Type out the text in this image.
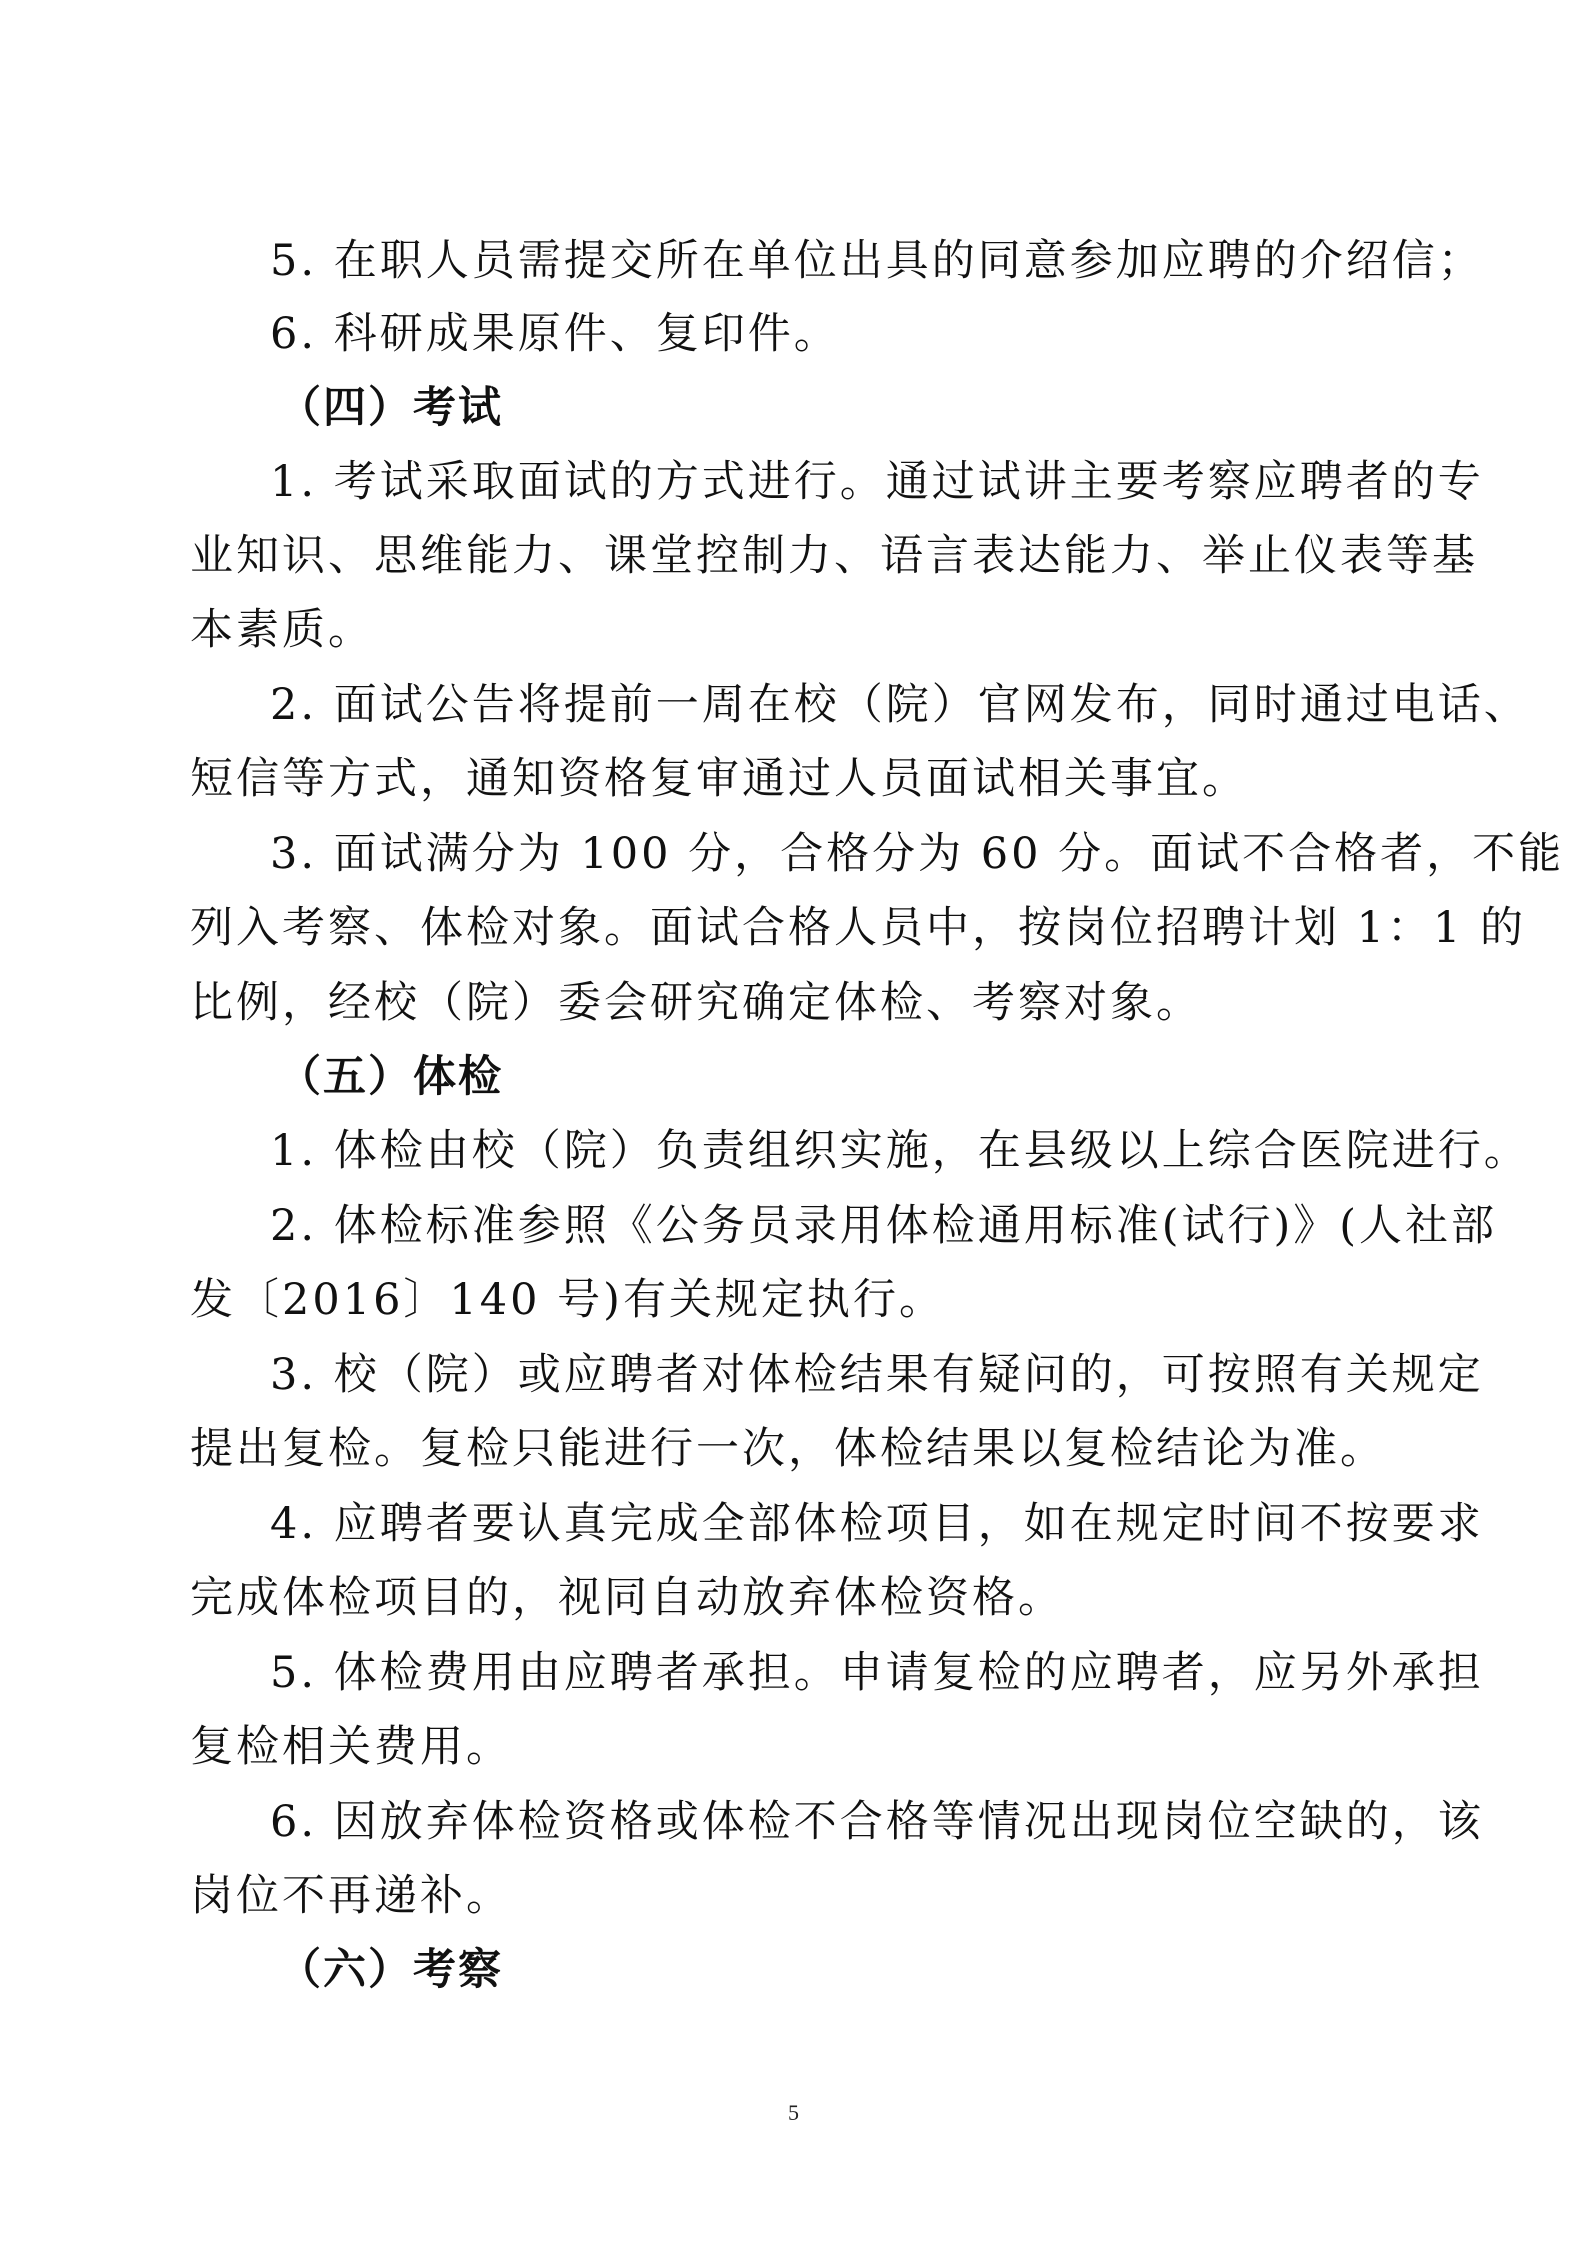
5. 在职人员需提交所在单位出具的同意参加应聘的介绍信；
6. 科研成果原件、复印件。
（四）考试
1. 考试采取面试的方式进行。通过试讲主要考察应聘者的专
业知识、思维能力、课堂控制力、语言表达能力、举止仪表等基
本素质。
2. 面试公告将提前一周在校（院）官网发布，同时通过电话、
短信等方式，通知资格复审通过人员面试相关事宜。
3. 面试满分为 100 分，合格分为 60 分。面试不合格者，不能
列入考察、体检对象。面试合格人员中，按岗位招聘计划 1：1 的
比例，经校（院）委会研究确定体检、考察对象。
（五）体检
1. 体检由校（院）负责组织实施，在县级以上综合医院进行。
2. 体检标准参照《公务员录用体检通用标准(试行)》(人社部
发〔2016〕140 号)有关规定执行。
3. 校（院）或应聘者对体检结果有疑问的，可按照有关规定
提出复检。复检只能进行一次，体检结果以复检结论为准。
4. 应聘者要认真完成全部体检项目，如在规定时间不按要求
完成体检项目的，视同自动放弃体检资格。
5. 体检费用由应聘者承担。申请复检的应聘者，应另外承担
复检相关费用。
6. 因放弃体检资格或体检不合格等情况出现岗位空缺的，该
岗位不再递补。
（六）考察
5
